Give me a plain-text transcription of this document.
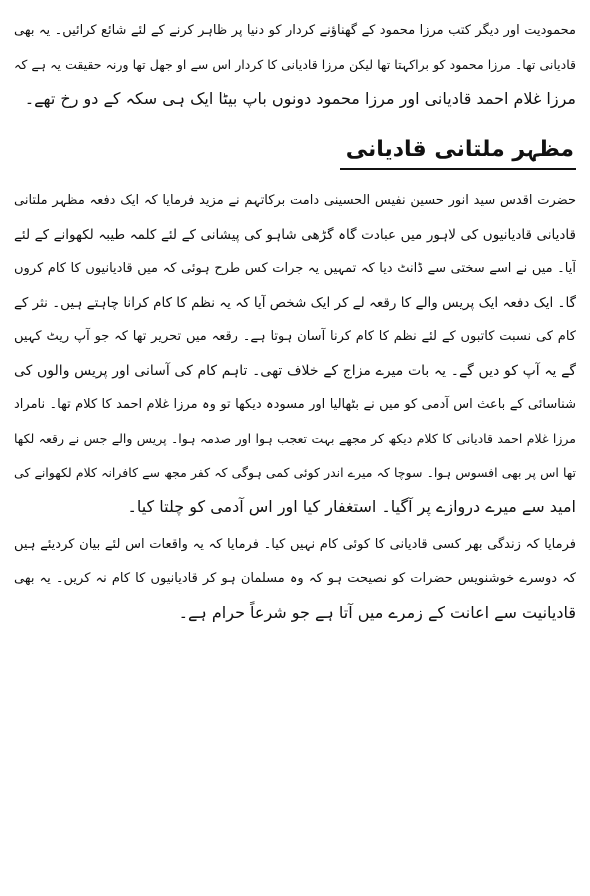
محمودیت اور دیگر کتب مرزا محمود کے گھناؤنے کردار کو دنیا پر ظاہر کرنے کے لئے شائع کرائیں۔ یہ بھی
قادیانی تھا۔ مرزا محمود کو براکہتا تھا لیکن مرزا قادیانی کا کردار اس سے او جھل تھا ورنہ حقیقت یہ ہے کہ
مرزا غلام احمد قادیانی اور مرزا محمود دونوں باپ بیٹا ایک ہی سکہ کے دو رخ تھے۔

مظہر ملتانی قادیانی

حضرت اقدس سید انور حسین نفیس الحسینی دامت برکاتہم نے مزید فرمایا کہ ایک دفعہ مظہر ملتانی
قادیانی قادیانیوں کی لاہور میں عبادت گاہ گڑھی شاہو کی پیشانی کے لئے کلمہ طیبہ لکھوانے کے لئے
آیا۔ میں نے اسے سختی سے ڈانٹ دیا کہ تمہیں یہ جرات کس طرح ہوئی کہ میں قادیانیوں کا کام کروں
گا۔ ایک دفعہ ایک پریس والے کا رقعہ لے کر ایک شخص آیا کہ یہ نظم کا کام کرانا چاہتے ہیں۔ نثر کے
کام کی نسبت کاتبوں کے لئے نظم کا کام کرنا آسان ہوتا ہے۔ رقعہ میں تحریر تھا کہ جو آپ ریٹ کہیں
گے یہ آپ کو دیں گے۔ یہ بات میرے مزاج کے خلاف تھی۔ تاہم کام کی آسانی اور پریس والوں کی
شناسائی کے باعث اس آدمی کو میں نے بٹھالیا اور مسودہ دیکھا تو وہ مرزا غلام احمد کا کلام تھا۔ نامراد
مرزا غلام احمد قادیانی کا کلام دیکھ کر مجھے بہت تعجب ہوا اور صدمہ ہوا۔ پریس والے جس نے رقعہ لکھا
تھا اس پر بھی افسوس ہوا۔ سوچا کہ میرے اندر کوئی کمی ہوگی کہ کفر مجھ سے کافرانہ کلام لکھوانے کی
امید سے میرے دروازے پر آگیا۔ استغفار کیا اور اس آدمی کو چلتا کیا۔

فرمایا کہ زندگی بھر کسی قادیانی کا کوئی کام نہیں کیا۔ فرمایا کہ یہ واقعات اس لئے بیان کردیئے ہیں
کہ دوسرے خوشنویس حضرات کو نصیحت ہو کہ وہ مسلمان ہو کر قادیانیوں کا کام نہ کریں۔ یہ بھی
قادیانیت سے اعانت کے زمرے میں آتا ہے جو شرعاً حرام ہے۔
